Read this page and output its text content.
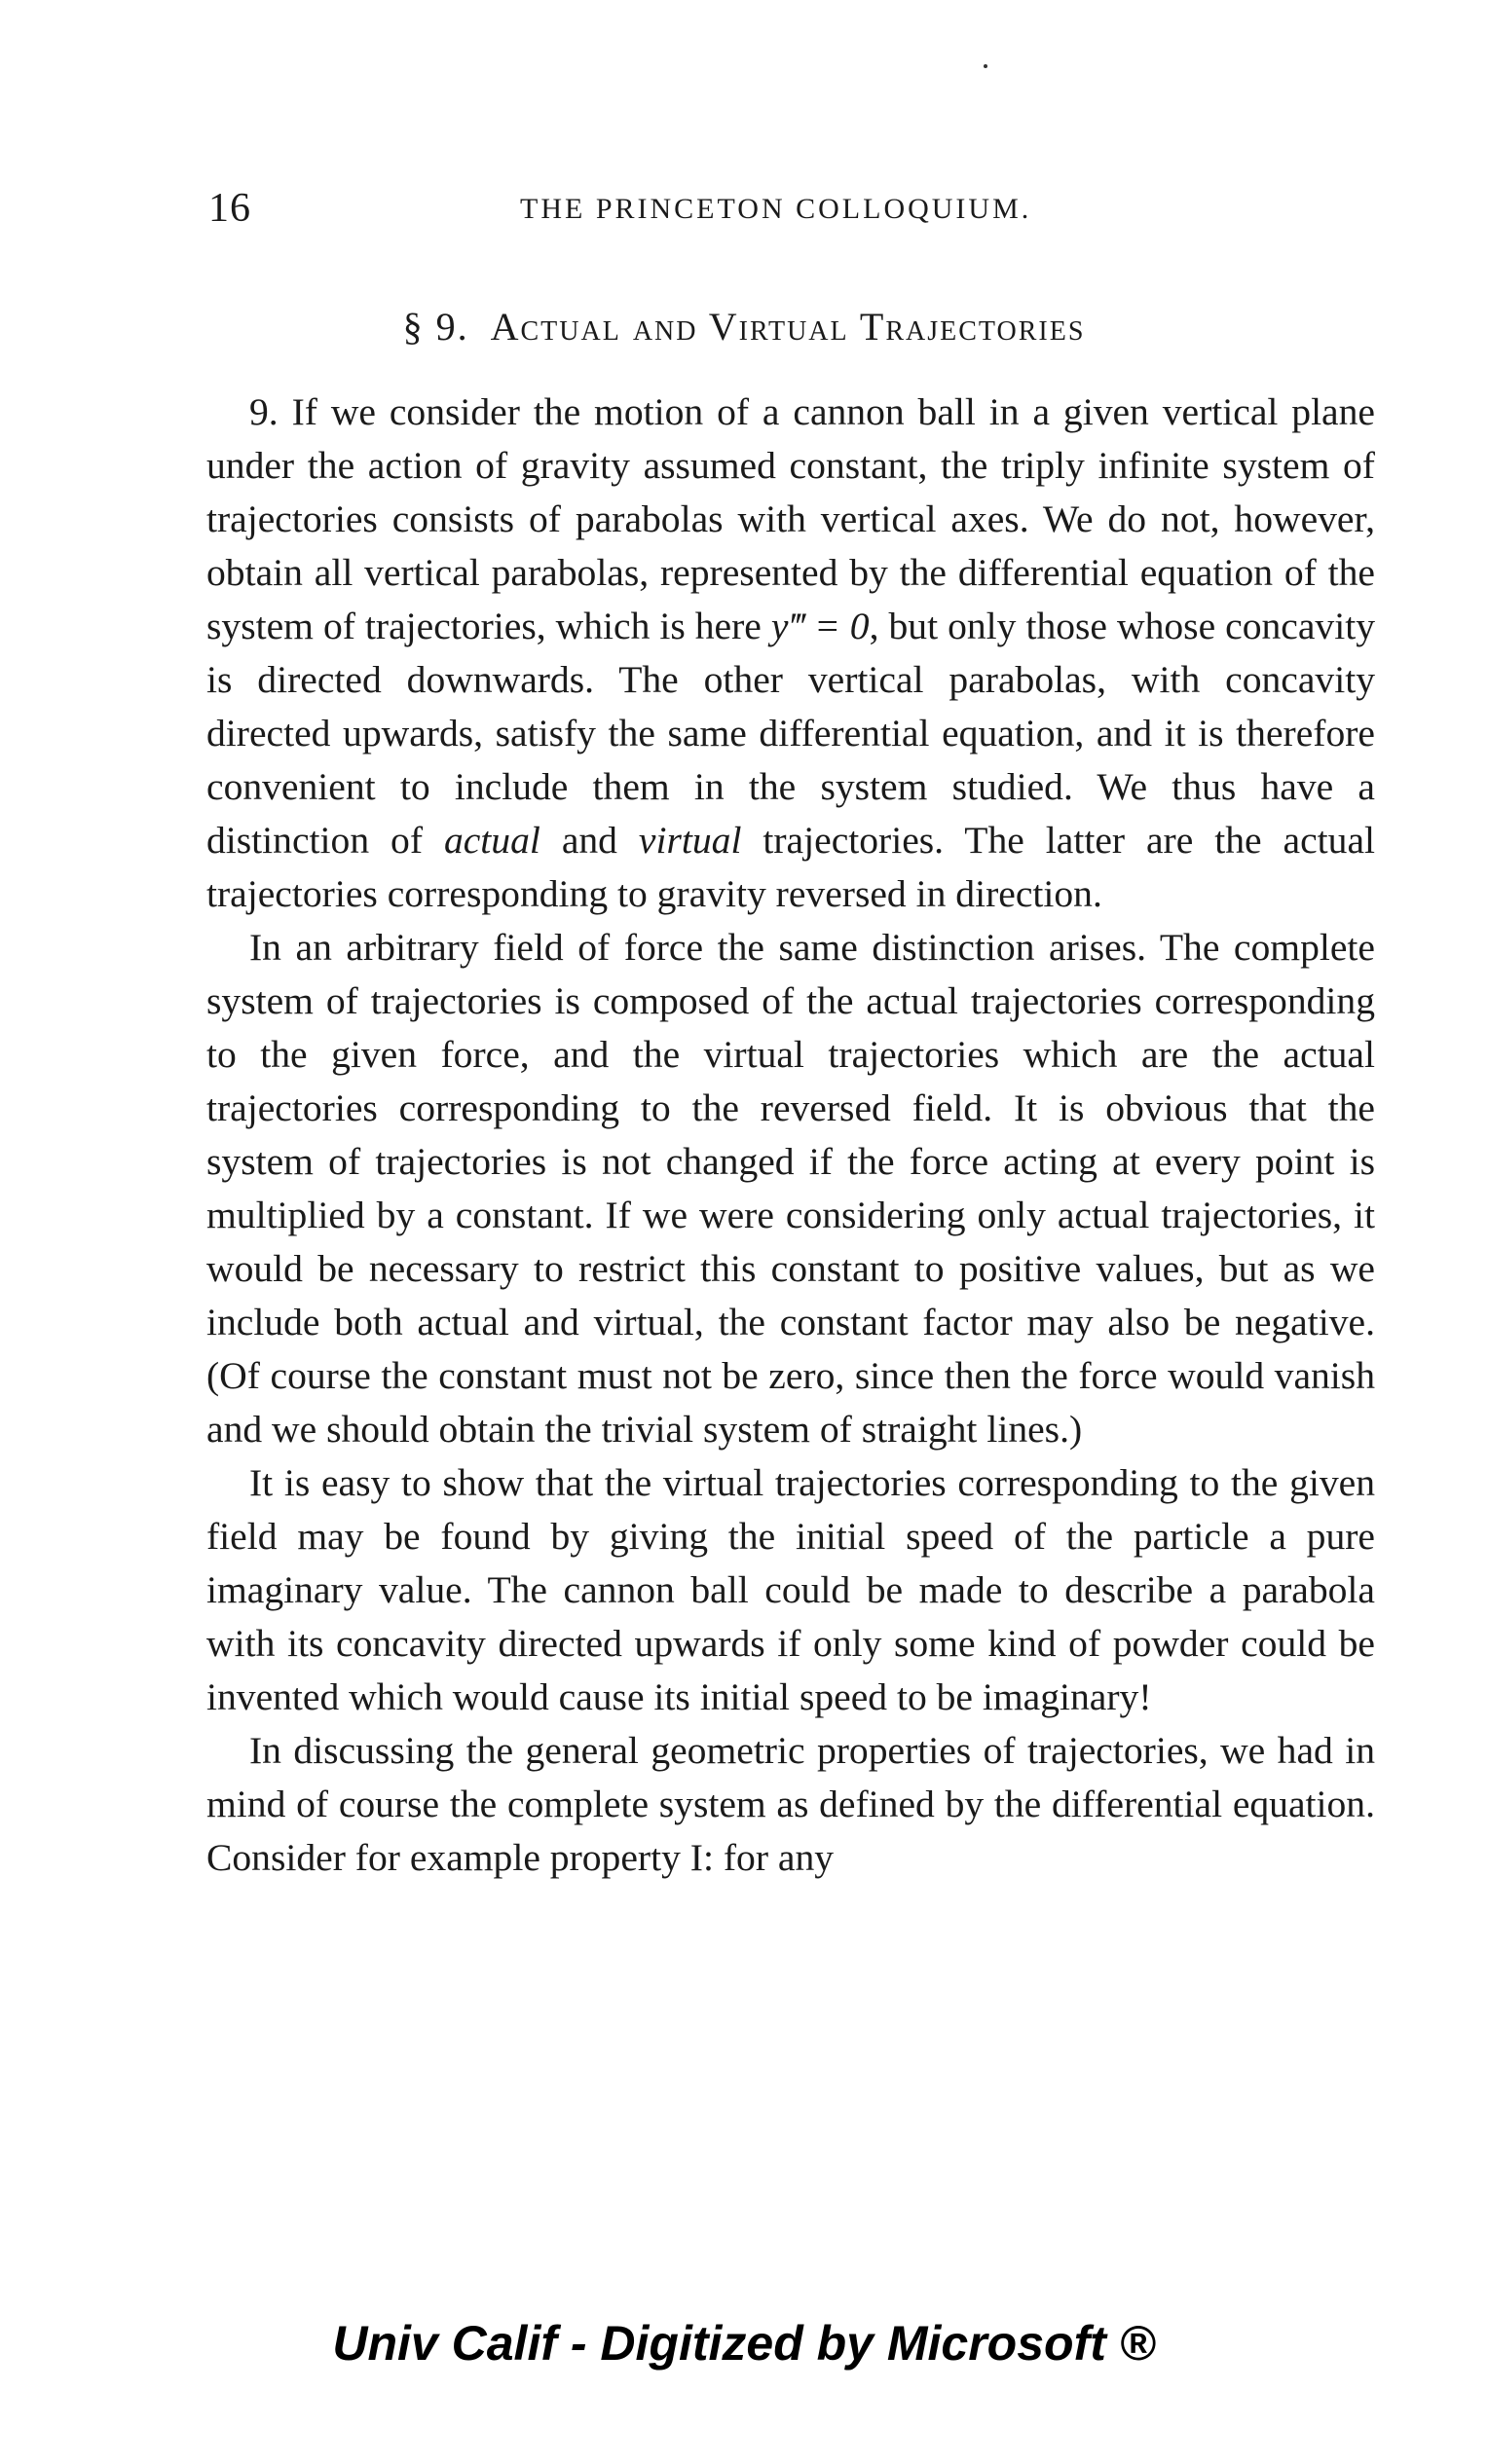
16	THE PRINCETON COLLOQUIUM.
§ 9. Actual and Virtual Trajectories

9. If we consider the motion of a cannon ball in a given vertical plane under the action of gravity assumed constant, the triply infinite system of trajectories consists of parabolas with vertical axes. We do not, however, obtain all vertical parabolas, represented by the differential equation of the system of trajectories, which is here y‴ = 0, but only those whose concavity is directed downwards. The other vertical parabolas, with concavity directed upwards, satisfy the same differential equation, and it is therefore convenient to include them in the system studied. We thus have a distinction of actual and virtual trajectories. The latter are the actual trajectories corresponding to gravity reversed in direction.

In an arbitrary field of force the same distinction arises. The complete system of trajectories is composed of the actual trajectories corresponding to the given force, and the virtual trajectories which are the actual trajectories corresponding to the reversed field. It is obvious that the system of trajectories is not changed if the force acting at every point is multiplied by a constant. If we were considering only actual trajectories, it would be necessary to restrict this constant to positive values, but as we include both actual and virtual, the constant factor may also be negative. (Of course the constant must not be zero, since then the force would vanish and we should obtain the trivial system of straight lines.)

It is easy to show that the virtual trajectories corresponding to the given field may be found by giving the initial speed of the particle a pure imaginary value. The cannon ball could be made to describe a parabola with its concavity directed upwards if only some kind of powder could be invented which would cause its initial speed to be imaginary!

In discussing the general geometric properties of trajectories, we had in mind of course the complete system as defined by the differential equation. Consider for example property I: for any

Univ Calif - Digitized by Microsoft ®
